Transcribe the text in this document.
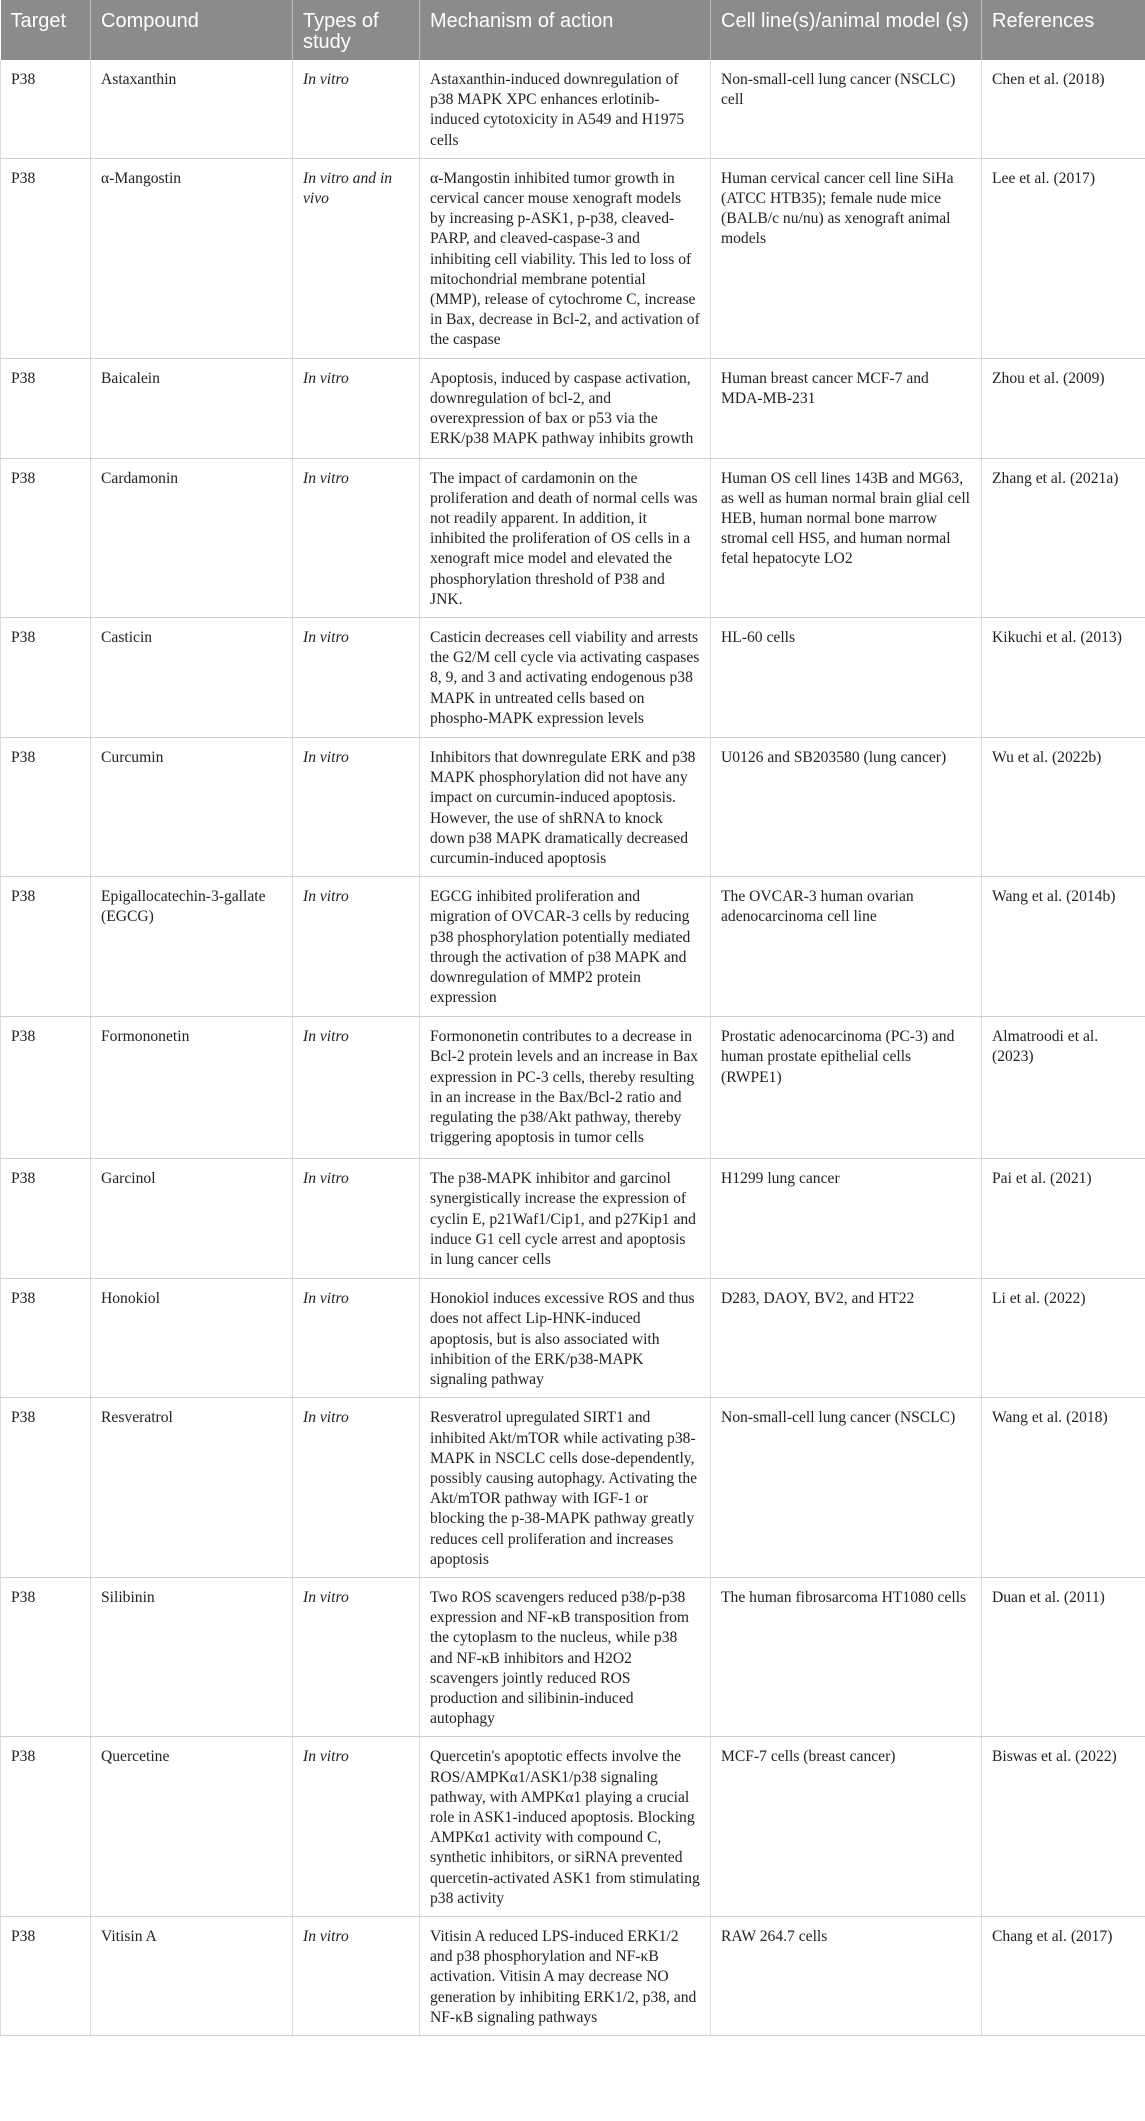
Target	Compound	Types of study	Mechanism of action	Cell line(s)/animal model (s)	References
P38	Astaxanthin	In vitro	Astaxanthin-induced downregulation of p38 MAPK XPC enhances erlotinib-induced cytotoxicity in A549 and H1975 cells	Non-small-cell lung cancer (NSCLC) cell	Chen et al. (2018)
P38	α-Mangostin	In vitro and in vivo	α-Mangostin inhibited tumor growth in cervical cancer mouse xenograft models by increasing p-ASK1, p-p38, cleaved-PARP, and cleaved-caspase-3 and inhibiting cell viability. This led to loss of mitochondrial membrane potential (MMP), release of cytochrome C, increase in Bax, decrease in Bcl-2, and activation of the caspase	Human cervical cancer cell line SiHa (ATCC HTB35); female nude mice (BALB/c nu/nu) as xenograft animal models	Lee et al. (2017)
P38	Baicalein	In vitro	Apoptosis, induced by caspase activation, downregulation of bcl-2, and overexpression of bax or p53 via the ERK/p38 MAPK pathway inhibits growth	Human breast cancer MCF-7 and MDA-MB-231	Zhou et al. (2009)
P38	Cardamonin	In vitro	The impact of cardamonin on the proliferation and death of normal cells was not readily apparent. In addition, it inhibited the proliferation of OS cells in a xenograft mice model and elevated the phosphorylation threshold of P38 and JNK.	Human OS cell lines 143B and MG63, as well as human normal brain glial cell HEB, human normal bone marrow stromal cell HS5, and human normal fetal hepatocyte LO2	Zhang et al. (2021a)
P38	Casticin	In vitro	Casticin decreases cell viability and arrests the G2/M cell cycle via activating caspases 8, 9, and 3 and activating endogenous p38 MAPK in untreated cells based on phospho-MAPK expression levels	HL-60 cells	Kikuchi et al. (2013)
P38	Curcumin	In vitro	Inhibitors that downregulate ERK and p38 MAPK phosphorylation did not have any impact on curcumin-induced apoptosis. However, the use of shRNA to knock down p38 MAPK dramatically decreased curcumin-induced apoptosis	U0126 and SB203580 (lung cancer)	Wu et al. (2022b)
P38	Epigallocatechin-3-gallate (EGCG)	In vitro	EGCG inhibited proliferation and migration of OVCAR-3 cells by reducing p38 phosphorylation potentially mediated through the activation of p38 MAPK and downregulation of MMP2 protein expression	The OVCAR-3 human ovarian adenocarcinoma cell line	Wang et al. (2014b)
P38	Formononetin	In vitro	Formononetin contributes to a decrease in Bcl-2 protein levels and an increase in Bax expression in PC-3 cells, thereby resulting in an increase in the Bax/Bcl-2 ratio and regulating the p38/Akt pathway, thereby triggering apoptosis in tumor cells	Prostatic adenocarcinoma (PC-3) and human prostate epithelial cells (RWPE1)	Almatroodi et al. (2023)
P38	Garcinol	In vitro	The p38-MAPK inhibitor and garcinol synergistically increase the expression of cyclin E, p21Waf1/Cip1, and p27Kip1 and induce G1 cell cycle arrest and apoptosis in lung cancer cells	H1299 lung cancer	Pai et al. (2021)
P38	Honokiol	In vitro	Honokiol induces excessive ROS and thus does not affect Lip-HNK-induced apoptosis, but is also associated with inhibition of the ERK/p38-MAPK signaling pathway	D283, DAOY, BV2, and HT22	Li et al. (2022)
P38	Resveratrol	In vitro	Resveratrol upregulated SIRT1 and inhibited Akt/mTOR while activating p38-MAPK in NSCLC cells dose-dependently, possibly causing autophagy. Activating the Akt/mTOR pathway with IGF-1 or blocking the p-38-MAPK pathway greatly reduces cell proliferation and increases apoptosis	Non-small-cell lung cancer (NSCLC)	Wang et al. (2018)
P38	Silibinin	In vitro	Two ROS scavengers reduced p38/p-p38 expression and NF-κB transposition from the cytoplasm to the nucleus, while p38 and NF-κB inhibitors and H2O2 scavengers jointly reduced ROS production and silibinin-induced autophagy	The human fibrosarcoma HT1080 cells	Duan et al. (2011)
P38	Quercetine	In vitro	Quercetin's apoptotic effects involve the ROS/AMPKα1/ASK1/p38 signaling pathway, with AMPKα1 playing a crucial role in ASK1-induced apoptosis. Blocking AMPKα1 activity with compound C, synthetic inhibitors, or siRNA prevented quercetin-activated ASK1 from stimulating p38 activity	MCF-7 cells (breast cancer)	Biswas et al. (2022)
P38	Vitisin A	In vitro	Vitisin A reduced LPS-induced ERK1/2 and p38 phosphorylation and NF-κB activation. Vitisin A may decrease NO generation by inhibiting ERK1/2, p38, and NF-κB signaling pathways	RAW 264.7 cells	Chang et al. (2017)
